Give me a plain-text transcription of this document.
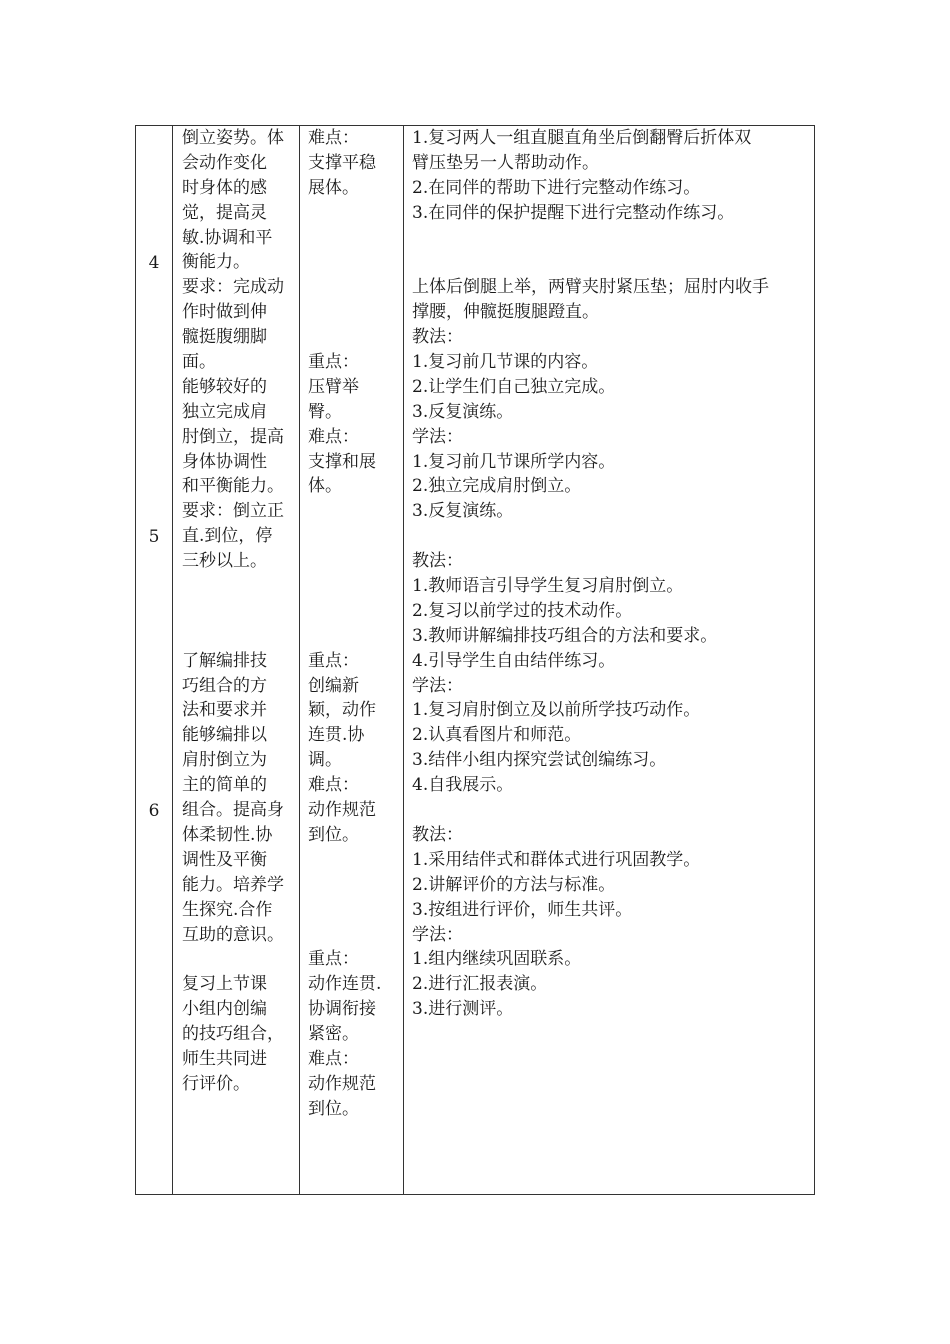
4
5
6
倒立姿势。体
会动作变化
时身体的感
觉，提高灵
敏.协调和平
衡能力。
要求：完成动
作时做到伸
髋挺腹绷脚
面。
能够较好的
独立完成肩
肘倒立，提高
身体协调性
和平衡能力。
要求：倒立正
直.到位，停
三秒以上。
了解编排技
巧组合的方
法和要求并
能够编排以
肩肘倒立为
主的简单的
组合。提高身
体柔韧性.协
调性及平衡
能力。培养学
生探究.合作
互助的意识。
复习上节课
小组内创编
的技巧组合，
师生共同进
行评价。
难点：
支撑平稳
展体。
重点：
压臂举
臀。
难点：
支撑和展
体。
重点：
创编新
颖，动作
连贯.协
调。
难点：
动作规范
到位。
重点：
动作连贯.
协调衔接
紧密。
难点：
动作规范
到位。
1.复习两人一组直腿直角坐后倒翻臀后折体双
臂压垫另一人帮助动作。
2.在同伴的帮助下进行完整动作练习。
3.在同伴的保护提醒下进行完整动作练习。
上体后倒腿上举，两臂夹肘紧压垫；屈肘内收手
撑腰，伸髋挺腹腿蹬直。
教法：
1.复习前几节课的内容。
2.让学生们自己独立完成。
3.反复演练。
学法：
1.复习前几节课所学内容。
2.独立完成肩肘倒立。
3.反复演练。
教法：
1.教师语言引导学生复习肩肘倒立。
2.复习以前学过的技术动作。
3.教师讲解编排技巧组合的方法和要求。
4.引导学生自由结伴练习。
学法：
1.复习肩肘倒立及以前所学技巧动作。
2.认真看图片和师范。
3.结伴小组内探究尝试创编练习。
4.自我展示。
教法：
1.采用结伴式和群体式进行巩固教学。
2.讲解评价的方法与标准。
3.按组进行评价，师生共评。
学法：
1.组内继续巩固联系。
2.进行汇报表演。
3.进行测评。
